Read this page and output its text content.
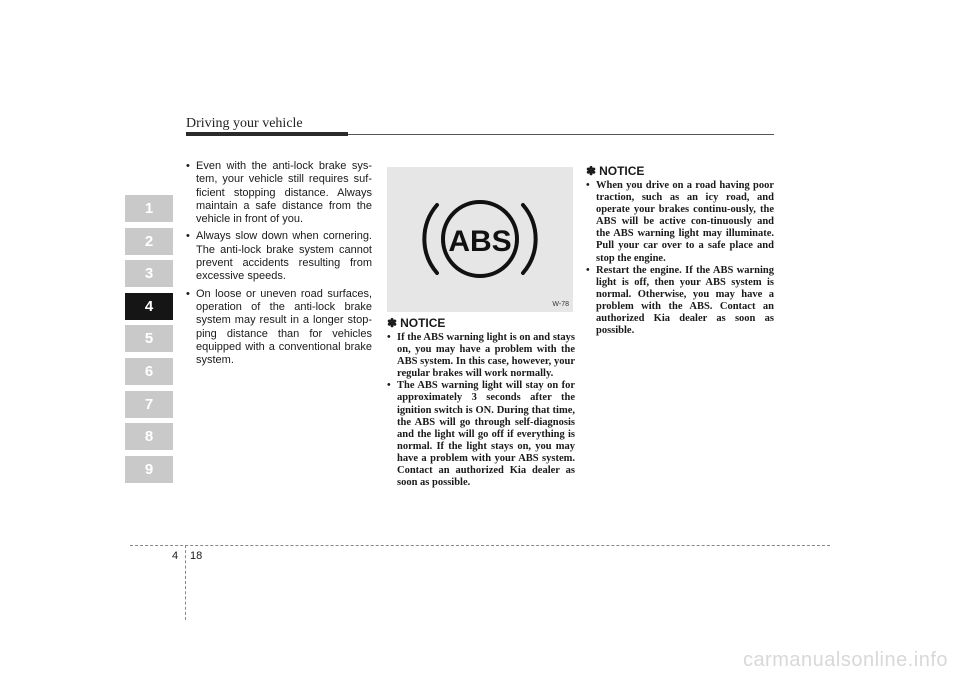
Driving your vehicle
1
2
3
4
5
6
7
8
9
• Even with the anti-lock brake sys-tem, your vehicle still requires suf-ficient stopping distance. Always maintain a safe distance from the vehicle in front of you.
• Always slow down when cornering. The anti-lock brake system cannot prevent accidents resulting from excessive speeds.
• On loose or uneven road surfaces, operation of the anti-lock brake system may result in a longer stop-ping distance than for vehicles equipped with a conventional brake system.
ABS
W-78
✽ NOTICE
• If the ABS warning light is on and stays on, you may have a problem with the ABS system. In this case, however, your regular brakes will work normally.
• The ABS warning light will stay on for approximately 3 seconds after the ignition switch is ON. During that time, the ABS will go through self-diagnosis and the light will go off if everything is normal. If the light stays on, you may have a problem with your ABS system. Contact an authorized Kia dealer as soon as possible.
✽ NOTICE
• When you drive on a road having poor traction, such as an icy road, and operate your brakes continu-ously, the ABS will be active con-tinuously and the ABS warning light may illuminate. Pull your car over to a safe place and stop the engine.
• Restart the engine. If the ABS warning light is off, then your ABS system is normal. Otherwise, you may have a problem with the ABS. Contact an authorized Kia dealer as soon as possible.
4 18
carmanualsonline.info
